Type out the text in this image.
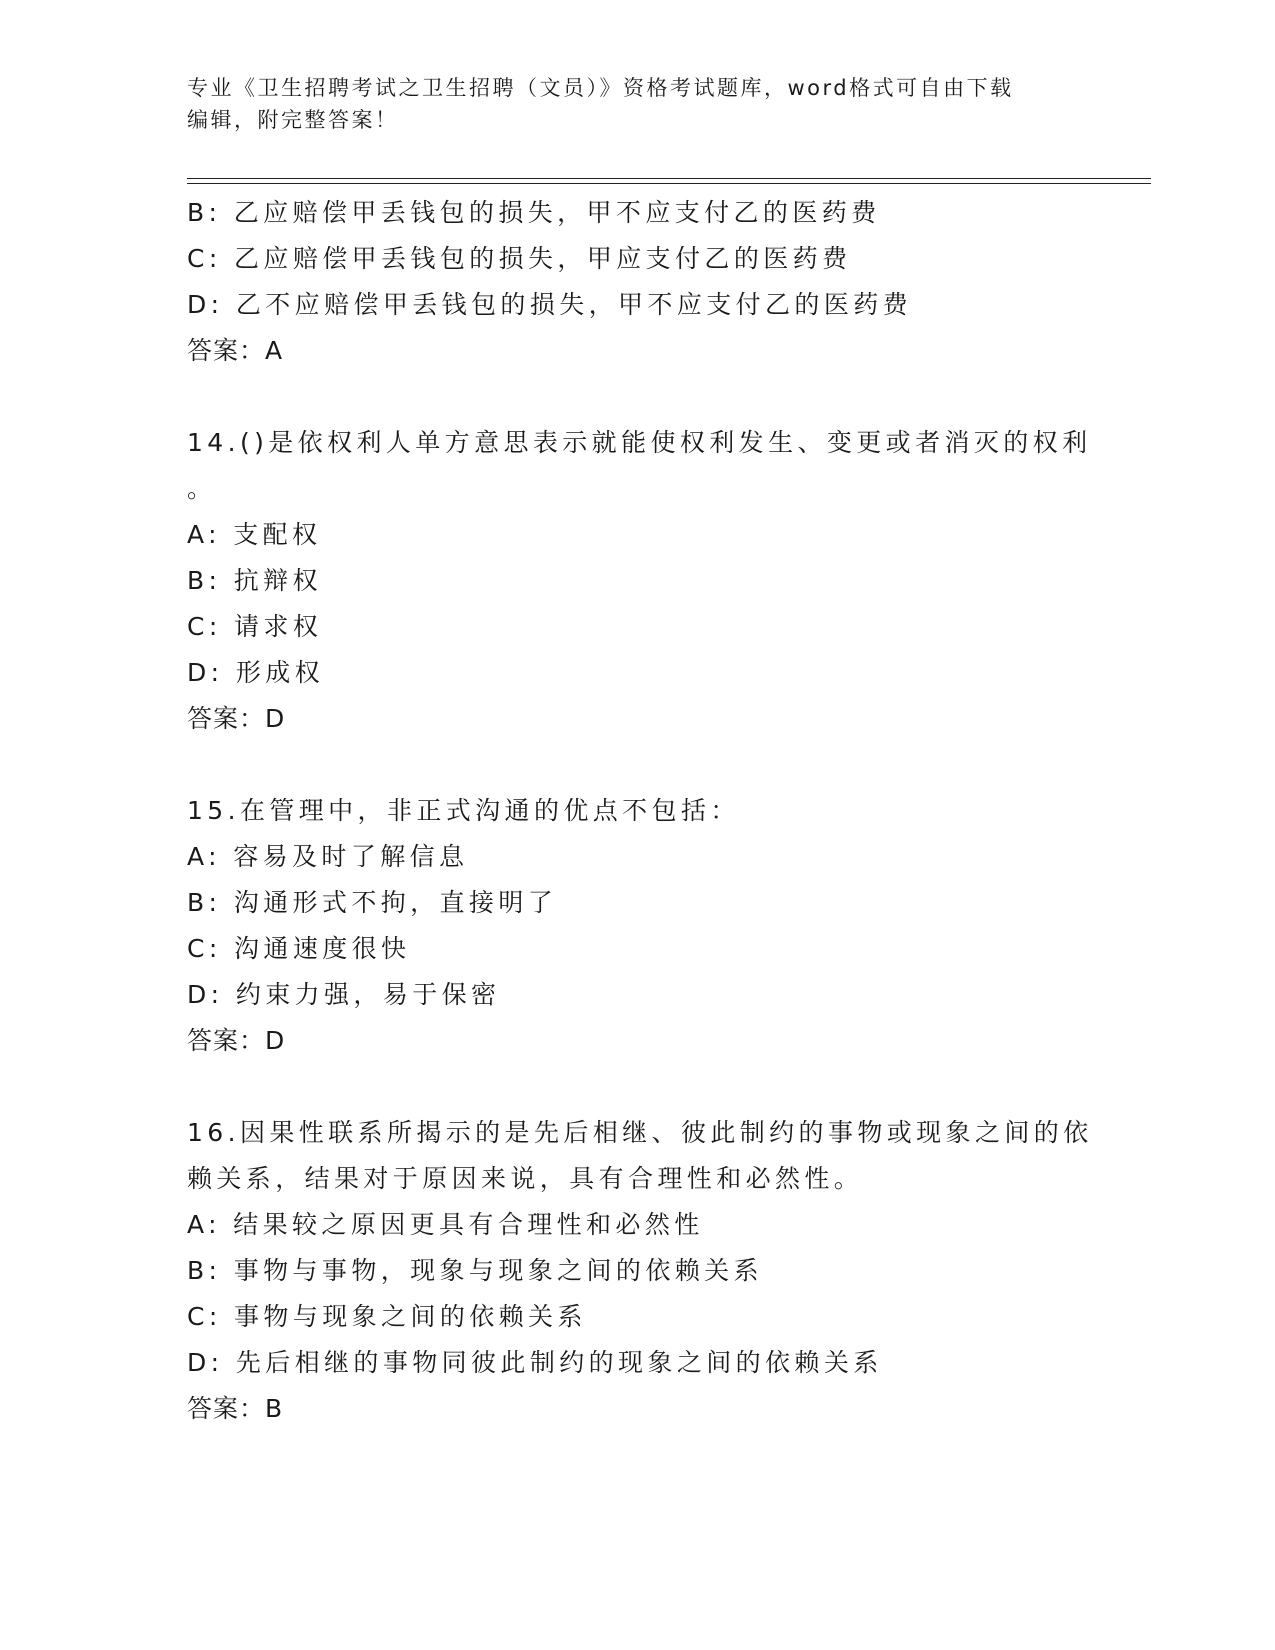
专业《卫生招聘考试之卫生招聘（文员）》资格考试题库，word格式可自由下载
编辑，附完整答案！
B: 乙应赔偿甲丢钱包的损失，甲不应支付乙的医药费
C: 乙应赔偿甲丢钱包的损失，甲应支付乙的医药费
D: 乙不应赔偿甲丢钱包的损失，甲不应支付乙的医药费
答案：A
14.()是依权利人单方意思表示就能使权利发生、变更或者消灭的权利
。
A: 支配权
B: 抗辩权
C: 请求权
D: 形成权
答案：D
15.在管理中，非正式沟通的优点不包括：
A: 容易及时了解信息
B: 沟通形式不拘，直接明了
C: 沟通速度很快
D: 约束力强，易于保密
答案：D
16.因果性联系所揭示的是先后相继、彼此制约的事物或现象之间的依
赖关系，结果对于原因来说，具有合理性和必然性。
A: 结果较之原因更具有合理性和必然性
B: 事物与事物，现象与现象之间的依赖关系
C: 事物与现象之间的依赖关系
D: 先后相继的事物同彼此制约的现象之间的依赖关系
答案：B
